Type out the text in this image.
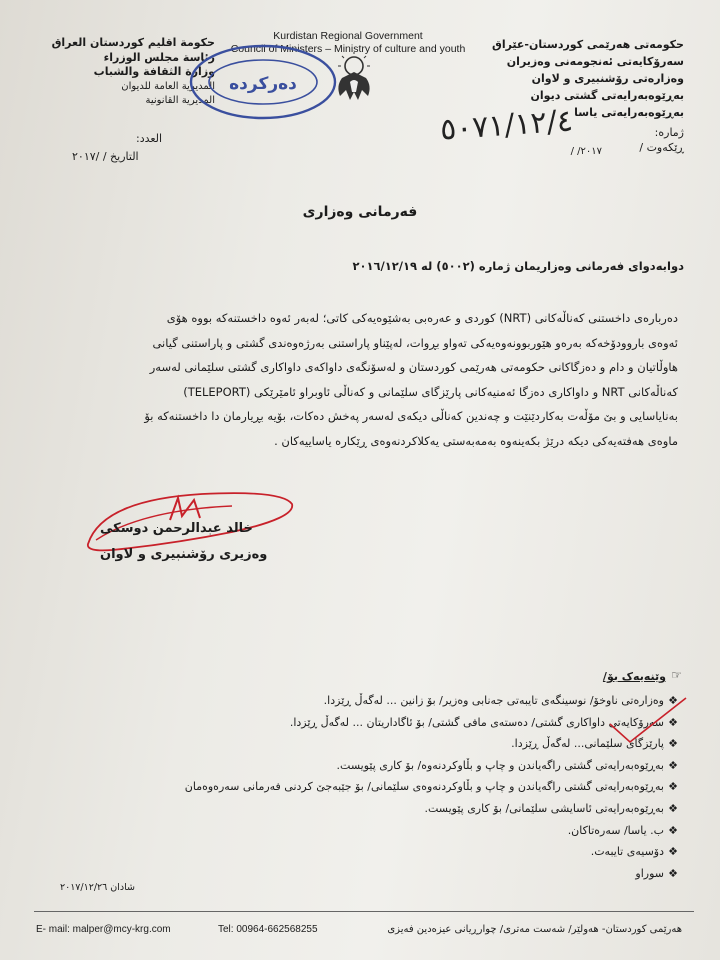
حكومة اقليم كوردستان العراق
رئاسة مجلس الوزراء
وزارة الثقافة والشباب
المديرية العامة للديوان
المديرية القانونية
Kurdistan Regional Government
Council of Ministers – Ministry of culture and youth
دەرکردە
حکومەتی هەرێمی کوردستان-عێراق
سەرۆکایەتی ئەنجومەنی وەزیران
وەزارەتی رۆشنبیری و لاوان
بەڕێوەبەرایەتی گشتی دیوان
بەڕێوەبەرایەتی یاسا
ژمارە:
ڕێکەوت /
/ /٢٠١٧
٥٠٧١/١٢/٤
العدد:
التاريخ / /٢٠١٧
فەرمانی وەزاری
دوابەدوای فەرمانی وەزاریمان ژمارە (٥٠٠٢) لە ٢٠١٦/١٢/١٩
دەربارەی داخستنی کەناڵەکانی (NRT) کوردی و عەرەبی بەشێوەیەکی کاتی؛ لەبەر ئەوە داخستنەکە بووە هۆی
ئەوەی باروودۆخەکە بەرەو هێوربوونەوەیەکی تەواو بڕوات، لەپێناو پاراستنی بەرژەوەندی گشتی و پاراستنی گیانی
هاوڵاتیان و دام و دەزگاکانی حکومەتی هەرێمی کوردستان و لەسۆنگەی داواکەی داواکاری گشتی سلێمانی لەسەر
کەناڵەکانی NRT و داواکاری دەزگا ئەمنیەکانی پارێزگای سلێمانی و کەناڵی ئاوبراو ئامێرێکی (TELEPORT)
بەنایاسایی و بێ مۆڵەت بەکاردێنێت و چەندین کەناڵی دیکەی لەسەر پەخش دەکات، بۆیە بڕیارمان دا داخستنەکە بۆ
ماوەی هەفتەیەکی دیکە درێژ بکەینەوە بەمەبەستی یەکلاکردنەوەی ڕێکارە یاساییەکان .
خالد عبدالرحمن دوسكی
وەزیری رۆشنبیری و لاوان
☞
وێنەیەک بۆ/
❖وەزارەتی ناوخۆ/ نوسینگەی تایبەتی جەنابی وەزیر/ بۆ زانین ... لەگەڵ ڕێزدا.
❖سەرۆکایەتی داواکاری گشتی/ دەستەی مافی گشتی/ بۆ ئاگاداریتان ... لەگەڵ ڕێزدا.
❖پارێزگای سلێمانی... لەگەڵ ڕێزدا.
❖بەڕێوەبەرایەتی گشتی راگەیاندن و چاپ و بڵاوکردنەوە/ بۆ کاری پێویست.
❖بەڕێوەبەرایەتی گشتی راگەیاندن و چاپ و بڵاوکردنەوەی سلێمانی/ بۆ جێبەجێ کردنی فەرمانی سەرەوەمان
❖بەڕێوەبەرایەتی ئاسایشی سلێمانی/ بۆ کاری پێویست.
❖ب. یاسا/ سەرەتاکان.
❖دۆسیەی تایبەت.
❖سوراو
شادان ٢٠١٧/١٢/٢٦
E- mail: malper@mcy-krg.com	Tel: 00964-662568255	هەرێمی کوردستان- هەولێر/ شەست مەتری/ چوارڕیانی عیزەدین فەیزی
